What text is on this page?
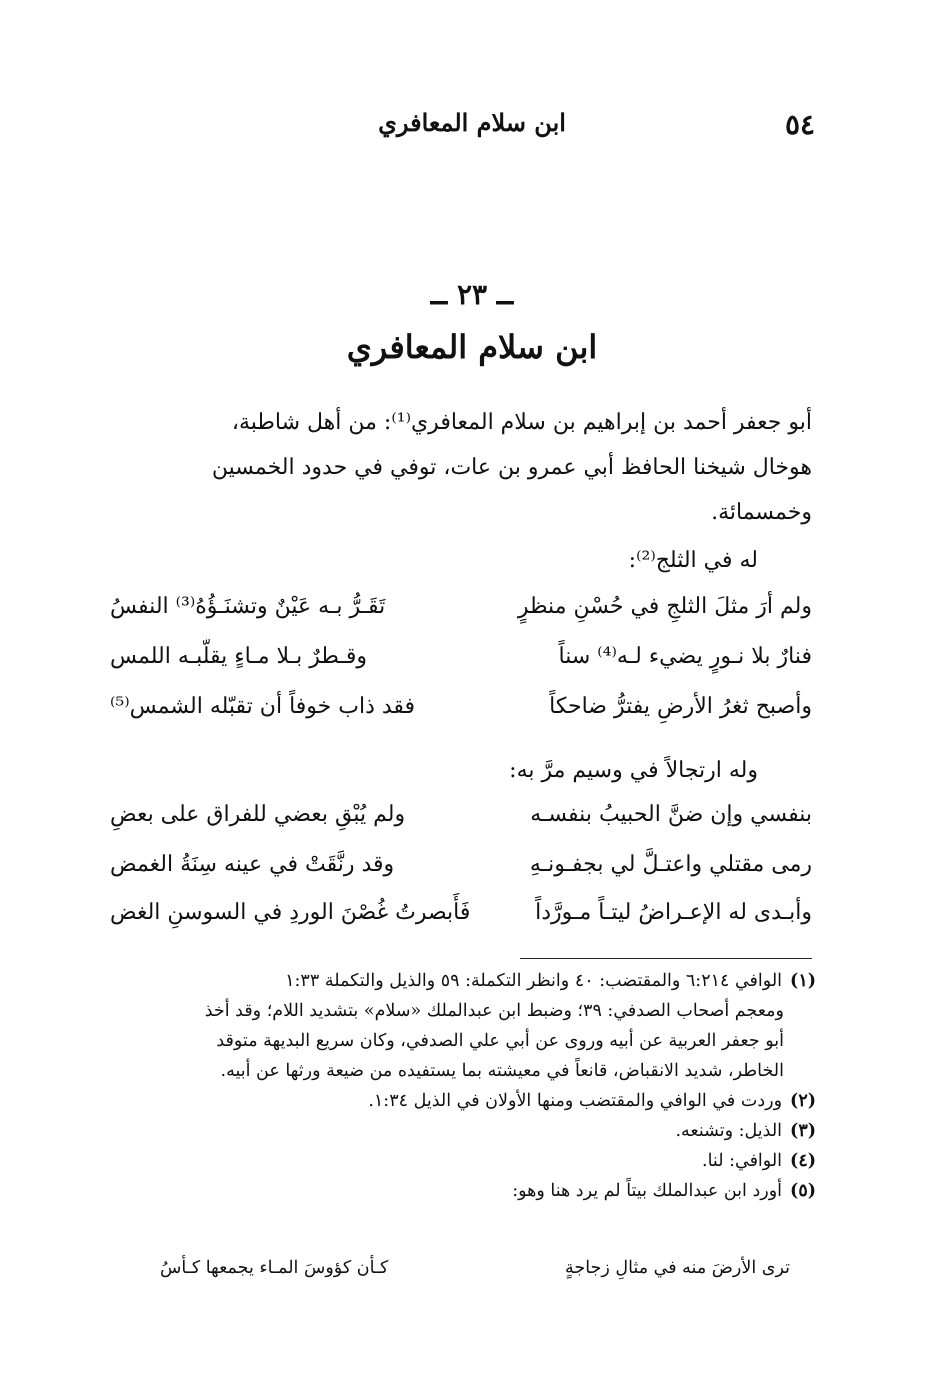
ابن سلام المعافري	٥٤
ــ ٢٣ ــ
ابن سلام المعافري
أبو جعفر أحمد بن إبراهيم بن سلام المعافري⁽¹⁾: من أهل شاطبة،
هوخال شيخنا الحافظ أبي عمرو بن عات، توفي في حدود الخمسين
وخمسمائة.
له في الثلج⁽²⁾:
ولم أرَ مثلَ الثلجِ في حُسْنِ منظرٍ
تَقَـرُّ بـه عَيْنٌ وتشنَـؤُهُ⁽³⁾ النفسُ
فنارٌ بلا نـورٍ يضيء لـه⁽⁴⁾ سناً
وقـطرٌ بـلا مـاءٍ يقلّبـه اللمس
وأصبح ثغرُ الأرضِ يفترُّ ضاحكاً
فقد ذاب خوفاً أن تقبّله الشمس⁽⁵⁾
وله ارتجالاً في وسيم مرَّ به:
بنفسي وإن ضنَّ الحبيبُ بنفسـه
ولم يُبْقِ بعضي للفراق على بعضِ
رمى مقتلي واعتـلَّ لي بجفـونـهِ
وقد رنَّقَتْ في عينه سِنَةُ الغمض
وأبـدى له الإعـراضُ ليتـاً مـورَّداً
فَأَبصرتُ غُصْنَ الوردِ في السوسنِ الغض
(١)الوافي ٦:٢١٤ والمقتضب: ٤٠ وانظر التكملة: ٥٩ والذيل والتكملة ١:٣٣
ومعجم أصحاب الصدفي: ٣٩؛ وضبط ابن عبدالملك «سلام» بتشديد اللام؛ وقد أخذ
أبو جعفر العربية عن أبيه وروى عن أبي علي الصدفي، وكان سريع البديهة متوقد
الخاطر، شديد الانقباض، قانعاً في معيشته بما يستفيده من ضيعة ورثها عن أبيه.
(٢)وردت في الوافي والمقتضب ومنها الأولان في الذيل ١:٣٤.
(٣)الذيل: وتشنعه.
(٤)الوافي: لنا.
(٥)أورد ابن عبدالملك بيتاً لم يرد هنا وهو:
ترى الأرضَ منه في مثالِ زجاجةٍ
كـأن كؤوسَ المـاء يجمعها كـأسُ
